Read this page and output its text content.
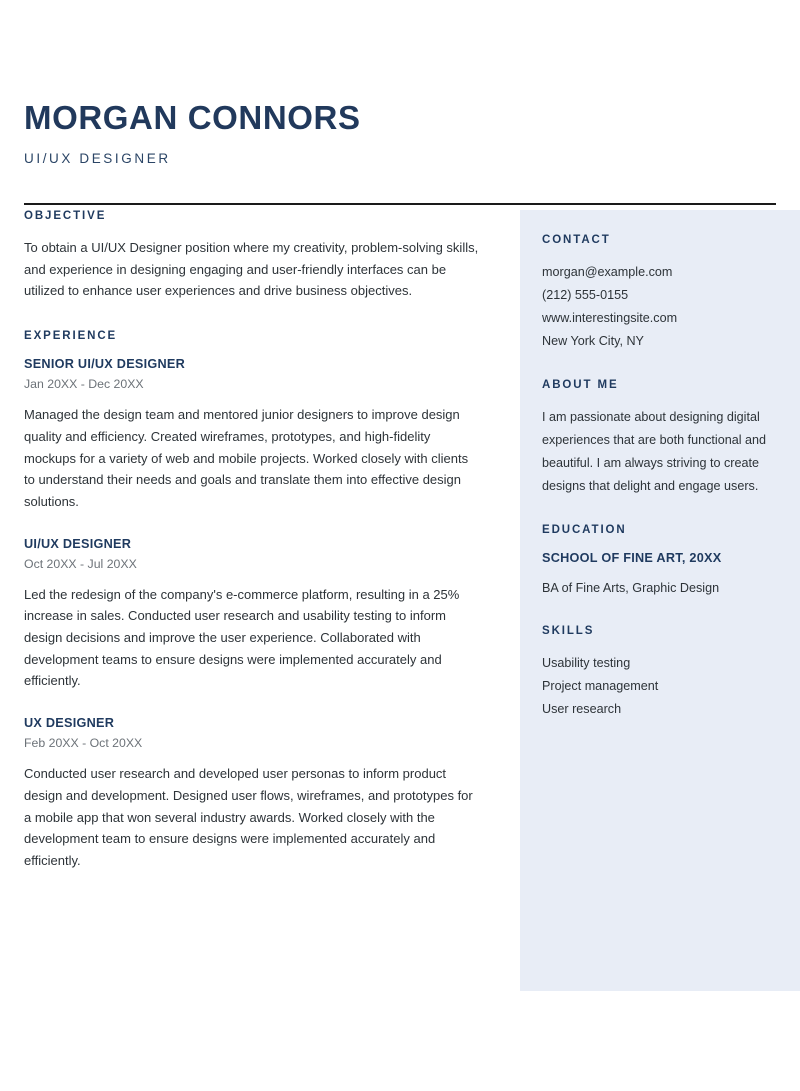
MORGAN CONNORS

UI/UX DESIGNER

CONTACT
morgan@example.com
(212) 555-0155
www.interestingsite.com
New York City, NY
ABOUT ME

I am passionate about designing digital experiences that are both functional and beautiful. I am always striving to create designs that delight and engage users.

EDUCATION

SCHOOL OF FINE ART, 20XX

BA of Fine Arts, Graphic Design

SKILLS
Usability testing
Project management
User research
OBJECTIVE

To obtain a UI/UX Designer position where my creativity, problem-solving skills, and experience in designing engaging and user-friendly interfaces can be utilized to enhance user experiences and drive business objectives.

EXPERIENCE
SENIOR UI/UX DESIGNER

Jan 20XX - Dec 20XX

Managed the design team and mentored junior designers to improve design quality and efficiency. Created wireframes, prototypes, and high-fidelity mockups for a variety of web and mobile projects. Worked closely with clients to understand their needs and goals and translate them into effective design solutions.

UI/UX DESIGNER

Oct 20XX - Jul 20XX

Led the redesign of the company's e-commerce platform, resulting in a 25% increase in sales. Conducted user research and usability testing to inform design decisions and improve the user experience. Collaborated with development teams to ensure designs were implemented accurately and efficiently.

UX DESIGNER

Feb 20XX - Oct 20XX

Conducted user research and developed user personas to inform product design and development. Designed user flows, wireframes, and prototypes for a mobile app that won several industry awards. Worked closely with the development team to ensure designs were implemented accurately and efficiently.
